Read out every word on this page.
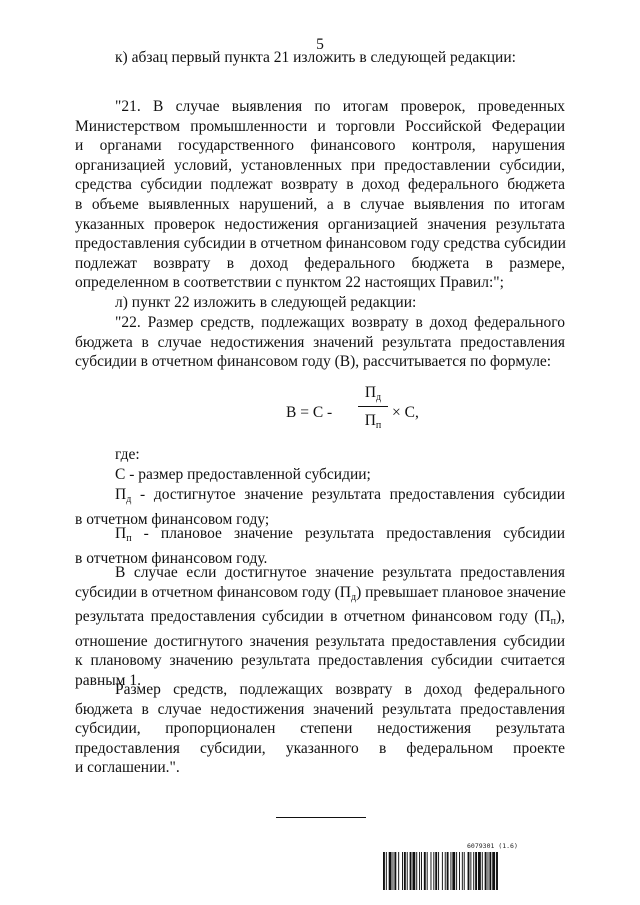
5
к) абзац первый пункта 21 изложить в следующей редакции:
"21. В случае выявления по итогам проверок, проведенных
Министерством промышленности и торговли Российской Федерации
и органами государственного финансового контроля, нарушения
организацией условий, установленных при предоставлении субсидии,
средства субсидии подлежат возврату в доход федерального бюджета
в объеме выявленных нарушений, а в случае выявления по итогам
указанных проверок недостижения организацией значения результата
предоставления субсидии в отчетном финансовом году средства субсидии
подлежат возврату в доход федерального бюджета в размере,
определенном в соответствии с пунктом 22 настоящих Правил:";
л) пункт 22 изложить в следующей редакции:
"22. Размер средств, подлежащих возврату в доход федерального
бюджета в случае недостижения значений результата предоставления
субсидии в отчетном финансовом году (В), рассчитывается по формуле:
В = С -
$П_д$
$П_п$
× С,
где:
С - размер предоставленной субсидии;
$П_д$ - достигнутое значение результата предоставления субсидии
в отчетном финансовом году;
$П_п$ - плановое значение результата предоставления субсидии
в отчетном финансовом году.
В случае если достигнутое значение результата предоставления
субсидии в отчетном финансовом году $(П_д)$ превышает плановое значение
результата предоставления субсидии в отчетном финансовом году $(П_п)$,
отношение достигнутого значения результата предоставления субсидии
к плановому значению результата предоставления субсидии считается
равным 1.
Размер средств, подлежащих возврату в доход федерального
бюджета в случае недостижения значений результата предоставления
субсидии, пропорционален степени недостижения результата
предоставления субсидии, указанного в федеральном проекте
и соглашении.".
6079301 (1.6)
